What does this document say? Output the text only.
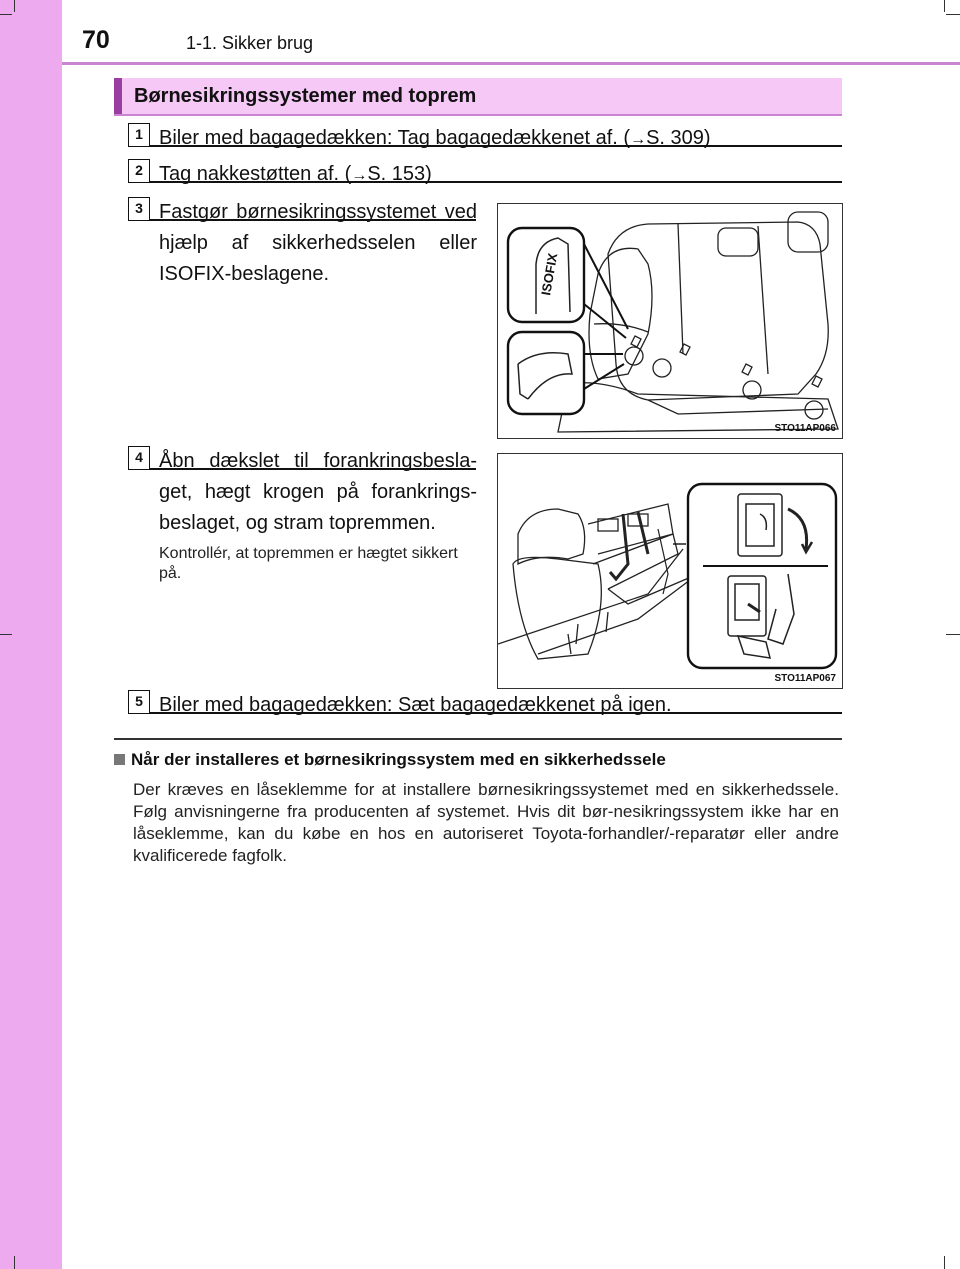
70	1-1. Sikker brug
Børnesikringssystemer med toprem
1 Biler med bagagedækken: Tag bagagedækkenet af. (→S. 309)
2 Tag nakkestøtten af. (→S. 153)
3 Fastgør børnesikringssystemet ved hjælp af sikkerhedsselen eller ISOFIX-beslagene.	ISOFIX
STO11AP066
4 Åbn dækslet til forankringsbesla-get, hægt krogen på forankrings-beslaget, og stram topremmen.
Kontrollér, at topremmen er hægtet sikkert på.
STO11AP067
5 Biler med bagagedækken: Sæt bagagedækkenet på igen.
Når der installeres et børnesikringssystem med en sikkerhedssele
Der kræves en låseklemme for at installere børnesikringssystemet med en sikkerhedssele. Følg anvisningerne fra producenten af systemet. Hvis dit bør-nesikringssystem ikke har en låseklemme, kan du købe en hos en autoriseret Toyota-forhandler/-reparatør eller andre kvalificerede fagfolk.
